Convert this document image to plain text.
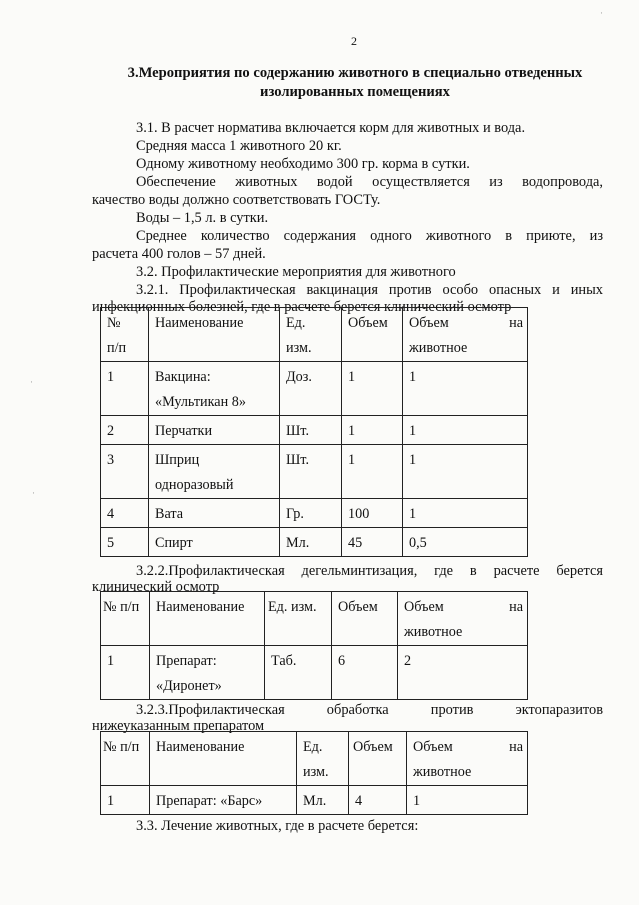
2
3.Мероприятия по содержанию животного в специально отведенных
изолированных помещениях
3.1. В расчет норматива включается корм для животных и вода.
Средняя масса 1 животного 20 кг.
Одному животному необходимо 300 гр. корма в сутки.
Обеспечение животных водой осуществляется из водопровода,
качество воды должно соответствовать ГОСТу.
Воды – 1,5 л. в сутки.
Среднее количество содержания одного животного в приюте, из
расчета 400 голов – 57 дней.
3.2. Профилактические мероприятия для животного
3.2.1. Профилактическая вакцинация против особо опасных и иных
инфекционных болезней, где в расчете берется клинический осмотр
№
п/п	Наименование	Ед.
изм.	Объем	Объем на
животное
1	Вакцина:
«Мультикан 8»	Доз.	1	1
2	Перчатки	Шт.	1	1
3	Шприц
одноразовый	Шт.	1	1
4	Вата	Гр.	100	1
5	Спирт	Мл.	45	0,5
3.2.2.Профилактическая дегельминтизация, где в расчете берется
клинический осмотр
№ п/п	Наименование	Ед. изм.	Объем	Объем на
животное
1	Препарат:
«Диронет»	Таб.	6	2
3.2.3.Профилактическая обработка против эктопаразитов
нижеуказанным препаратом
№ п/п	Наименование	Ед.
изм.	Объем	Объем на
животное
1	Препарат: «Барс»	Мл.	4	1
3.3. Лечение животных, где в расчете берется:
·
·
·
